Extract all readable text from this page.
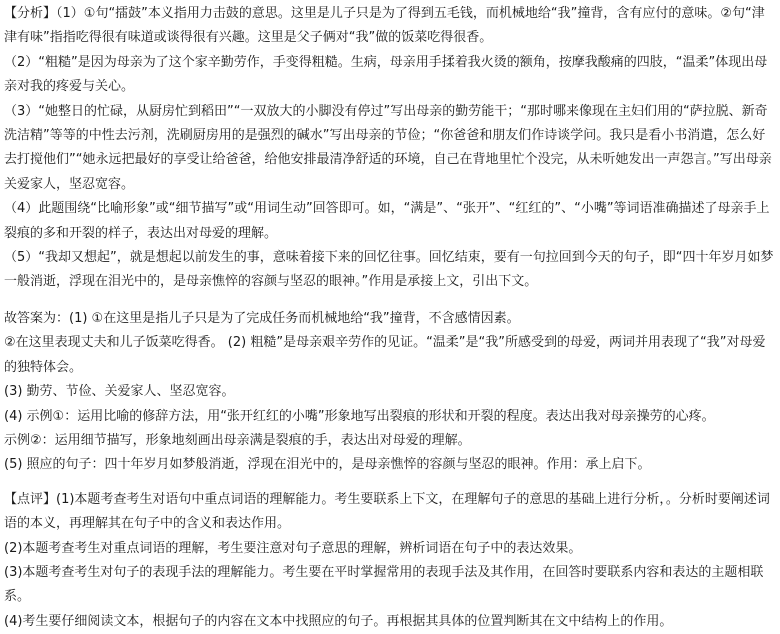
【分析】（1）①句“擂鼓”本义指用力击鼓的意思。这里是儿子只是为了得到五毛钱，而机械地给“我”撞背，含有应付的意味。②句“津津有味”指指吃得很有味道或谈得很有兴趣。这里是父子俩对“我”做的饭菜吃得很香。

（2）“粗糙”是因为母亲为了这个家辛勤劳作，手变得粗糙。生病，母亲用手揉着我火烫的额角，按摩我酸痛的四肢，“温柔”体现出母亲对我的疼爱与关心。

（3）“她整日的忙碌，从厨房忙到稻田”“一双放大的小脚没有停过”写出母亲的勤劳能干；“那时哪来像现在主妇们用的“萨拉脱、新奇洗洁精”等等的中性去污剂，洗刷厨房用的是强烈的碱水”写出母亲的节俭；“你爸爸和朋友们作诗谈学问。我只是看小书消遣，怎么好去打搅他们”“她永远把最好的享受让给爸爸，给他安排最清净舒适的环境，自己在背地里忙个没完，从未听她发出一声怨言。”写出母亲关爱家人，坚忍宽容。

（4）此题围绕“比喻形象”或“细节描写”或“用词生动”回答即可。如，“满是”、“张开”、“红红的”、“小嘴”等词语准确描述了母亲手上裂痕的多和开裂的样子，表达出对母爱的理解。

（5）“我却又想起”，就是想起以前发生的事，意味着接下来的回忆往事。回忆结束，要有一句拉回到今天的句子，即“四十年岁月如梦一般消逝，浮现在泪光中的，是母亲憔悴的容颜与坚忍的眼神。”作用是承接上文，引出下文。

故答案为：(1) ①在这里是指儿子只是为了完成任务而机械地给“我”撞背，不含感情因素。

②在这里表现丈夫和儿子饭菜吃得香。 (2) 粗糙”是母亲艰辛劳作的见证。“温柔”是“我”所感受到的母爱，两词并用表现了“我”对母爱的独特体会。

(3) 勤劳、节俭、关爱家人、坚忍宽容。

(4) 示例①：运用比喻的修辞方法，用“张开红红的小嘴”形象地写出裂痕的形状和开裂的程度。表达出我对母亲操劳的心疼。

示例②：运用细节描写，形象地刻画出母亲满是裂痕的手，表达出对母爱的理解。

(5) 照应的句子：四十年岁月如梦般消逝，浮现在泪光中的，是母亲憔悴的容颜与坚忍的眼神。作用：承上启下。

【点评】(1)本题考查考生对语句中重点词语的理解能力。考生要联系上下文，在理解句子的意思的基础上进行分析，。分析时要阐述词语的本义，再理解其在句子中的含义和表达作用。

(2)本题考查考生对重点词语的理解，考生要注意对句子意思的理解，辨析词语在句子中的表达效果。

(3)本题考查考生对句子的表现手法的理解能力。考生要在平时掌握常用的表现手法及其作用，在回答时要联系内容和表达的主题相联系。

(4)考生要仔细阅读文本，根据句子的内容在文本中找照应的句子。再根据其具体的位置判断其在文中结构上的作用。
